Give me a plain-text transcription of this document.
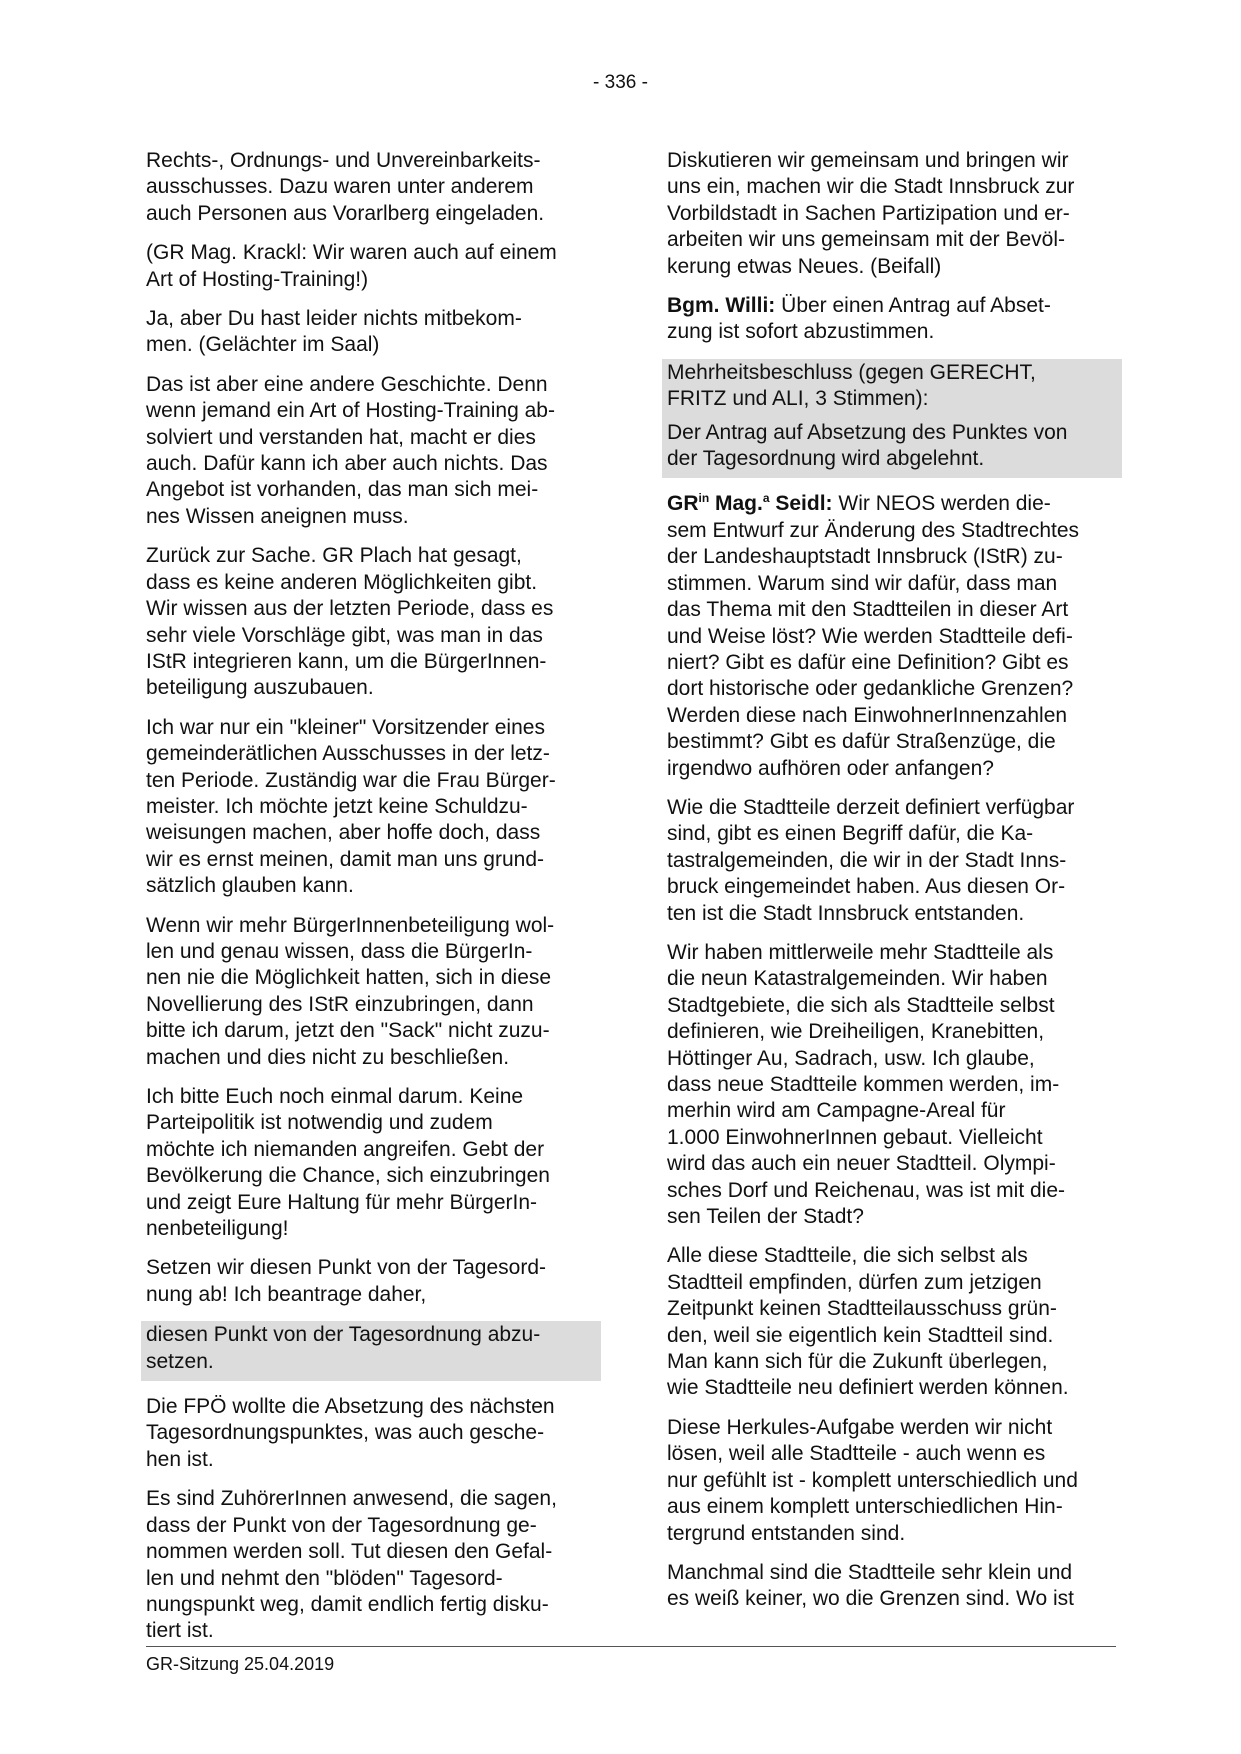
- 336 -

Rechts-, Ordnungs- und Unvereinbarkeits-
ausschusses. Dazu waren unter anderem
auch Personen aus Vorarlberg eingeladen.

(GR Mag. Krackl: Wir waren auch auf einem
Art of Hosting-Training!)

Ja, aber Du hast leider nichts mitbekom-
men. (Gelächter im Saal)

Das ist aber eine andere Geschichte. Denn
wenn jemand ein Art of Hosting-Training ab-
solviert und verstanden hat, macht er dies
auch. Dafür kann ich aber auch nichts. Das
Angebot ist vorhanden, das man sich mei-
nes Wissen aneignen muss.

Zurück zur Sache. GR Plach hat gesagt,
dass es keine anderen Möglichkeiten gibt.
Wir wissen aus der letzten Periode, dass es
sehr viele Vorschläge gibt, was man in das
IStR integrieren kann, um die BürgerInnen-
beteiligung auszubauen.

Ich war nur ein "kleiner" Vorsitzender eines
gemeinderätlichen Ausschusses in der letz-
ten Periode. Zuständig war die Frau Bürger-
meister. Ich möchte jetzt keine Schuldzu-
weisungen machen, aber hoffe doch, dass
wir es ernst meinen, damit man uns grund-
sätzlich glauben kann.

Wenn wir mehr BürgerInnenbeteiligung wol-
len und genau wissen, dass die BürgerIn-
nen nie die Möglichkeit hatten, sich in diese
Novellierung des IStR einzubringen, dann
bitte ich darum, jetzt den "Sack" nicht zuzu-
machen und dies nicht zu beschließen.

Ich bitte Euch noch einmal darum. Keine
Parteipolitik ist notwendig und zudem
möchte ich niemanden angreifen. Gebt der
Bevölkerung die Chance, sich einzubringen
und zeigt Eure Haltung für mehr BürgerIn-
nenbeteiligung!

Setzen wir diesen Punkt von der Tagesord-
nung ab! Ich beantrage daher,

diesen Punkt von der Tagesordnung abzu-
setzen.

Die FPÖ wollte die Absetzung des nächsten
Tagesordnungspunktes, was auch gesche-
hen ist.

Es sind ZuhörerInnen anwesend, die sagen,
dass der Punkt von der Tagesordnung ge-
nommen werden soll. Tut diesen den Gefal-
len und nehmt den "blöden" Tagesord-
nungspunkt weg, damit endlich fertig disku-
tiert ist.

Diskutieren wir gemeinsam und bringen wir
uns ein, machen wir die Stadt Innsbruck zur
Vorbildstadt in Sachen Partizipation und er-
arbeiten wir uns gemeinsam mit der Bevöl-
kerung etwas Neues. (Beifall)

Bgm. Willi: Über einen Antrag auf Abset-
zung ist sofort abzustimmen.

Mehrheitsbeschluss (gegen GERECHT,
FRITZ und ALI, 3 Stimmen):

Der Antrag auf Absetzung des Punktes von
der Tagesordnung wird abgelehnt.

$GR^{in}$ Mag.$^a$ Seidl: Wir NEOS werden die-
sem Entwurf zur Änderung des Stadtrechtes
der Landeshauptstadt Innsbruck (IStR) zu-
stimmen. Warum sind wir dafür, dass man
das Thema mit den Stadtteilen in dieser Art
und Weise löst? Wie werden Stadtteile defi-
niert? Gibt es dafür eine Definition? Gibt es
dort historische oder gedankliche Grenzen?
Werden diese nach EinwohnerInnenzahlen
bestimmt? Gibt es dafür Straßenzüge, die
irgendwo aufhören oder anfangen?

Wie die Stadtteile derzeit definiert verfügbar
sind, gibt es einen Begriff dafür, die Ka-
tastralgemeinden, die wir in der Stadt Inns-
bruck eingemeindet haben. Aus diesen Or-
ten ist die Stadt Innsbruck entstanden.

Wir haben mittlerweile mehr Stadtteile als
die neun Katastralgemeinden. Wir haben
Stadtgebiete, die sich als Stadtteile selbst
definieren, wie Dreiheiligen, Kranebitten,
Höttinger Au, Sadrach, usw. Ich glaube,
dass neue Stadtteile kommen werden, im-
merhin wird am Campagne-Areal für
1.000 EinwohnerInnen gebaut. Vielleicht
wird das auch ein neuer Stadtteil. Olympi-
sches Dorf und Reichenau, was ist mit die-
sen Teilen der Stadt?

Alle diese Stadtteile, die sich selbst als
Stadtteil empfinden, dürfen zum jetzigen
Zeitpunkt keinen Stadtteilausschuss grün-
den, weil sie eigentlich kein Stadtteil sind.
Man kann sich für die Zukunft überlegen,
wie Stadtteile neu definiert werden können.

Diese Herkules-Aufgabe werden wir nicht
lösen, weil alle Stadtteile - auch wenn es
nur gefühlt ist - komplett unterschiedlich und
aus einem komplett unterschiedlichen Hin-
tergrund entstanden sind.

Manchmal sind die Stadtteile sehr klein und
es weiß keiner, wo die Grenzen sind. Wo ist

GR-Sitzung 25.04.2019
